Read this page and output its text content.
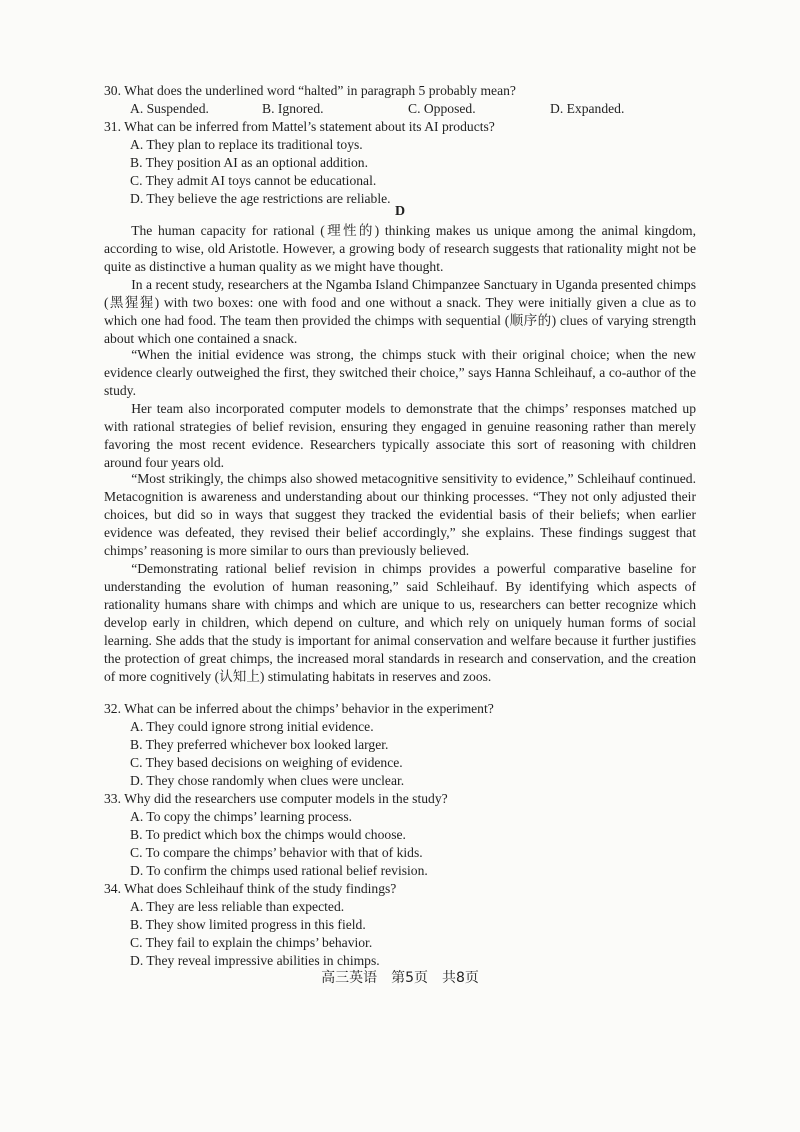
30. What does the underlined word “halted” in paragraph 5 probably mean?
A. Suspended.	B. Ignored.	C. Opposed.	D. Expanded.
31. What can be inferred from Mattel’s statement about its AI products?
A. They plan to replace its traditional toys.
B. They position AI as an optional addition.
C. They admit AI toys cannot be educational.
D. They believe the age restrictions are reliable.
D
The human capacity for rational (理性的) thinking makes us unique among the animal kingdom, according to wise, old Aristotle. However, a growing body of research suggests that rationality might not be quite as distinctive a human quality as we might have thought.
In a recent study, researchers at the Ngamba Island Chimpanzee Sanctuary in Uganda presented chimps (黑猩猩) with two boxes: one with food and one without a snack. They were initially given a clue as to which one had food. The team then provided the chimps with sequential (顺序的) clues of varying strength about which one contained a snack.
“When the initial evidence was strong, the chimps stuck with their original choice; when the new evidence clearly outweighed the first, they switched their choice,” says Hanna Schleihauf, a co-author of the study.
Her team also incorporated computer models to demonstrate that the chimps’ responses matched up with rational strategies of belief revision, ensuring they engaged in genuine reasoning rather than merely favoring the most recent evidence. Researchers typically associate this sort of reasoning with children around four years old.
“Most strikingly, the chimps also showed metacognitive sensitivity to evidence,” Schleihauf continued. Metacognition is awareness and understanding about our thinking processes. “They not only adjusted their choices, but did so in ways that suggest they tracked the evidential basis of their beliefs; when earlier evidence was defeated, they revised their belief accordingly,” she explains. These findings suggest that chimps’ reasoning is more similar to ours than previously believed.
“Demonstrating rational belief revision in chimps provides a powerful comparative baseline for understanding the evolution of human reasoning,” said Schleihauf. By identifying which aspects of rationality humans share with chimps and which are unique to us, researchers can better recognize which develop early in children, which depend on culture, and which rely on uniquely human forms of social learning. She adds that the study is important for animal conservation and welfare because it further justifies the protection of great chimps, the increased moral standards in research and conservation, and the creation of more cognitively (认知上) stimulating habitats in reserves and zoos.
32. What can be inferred about the chimps’ behavior in the experiment?
A. They could ignore strong initial evidence.
B. They preferred whichever box looked larger.
C. They based decisions on weighing of evidence.
D. They chose randomly when clues were unclear.
33. Why did the researchers use computer models in the study?
A. To copy the chimps’ learning process.
B. To predict which box the chimps would choose.
C. To compare the chimps’ behavior with that of kids.
D. To confirm the chimps used rational belief revision.
34. What does Schleihauf think of the study findings?
A. They are less reliable than expected.
B. They show limited progress in this field.
C. They fail to explain the chimps’ behavior.
D. They reveal impressive abilities in chimps.
高三英语　第5页　共8页
